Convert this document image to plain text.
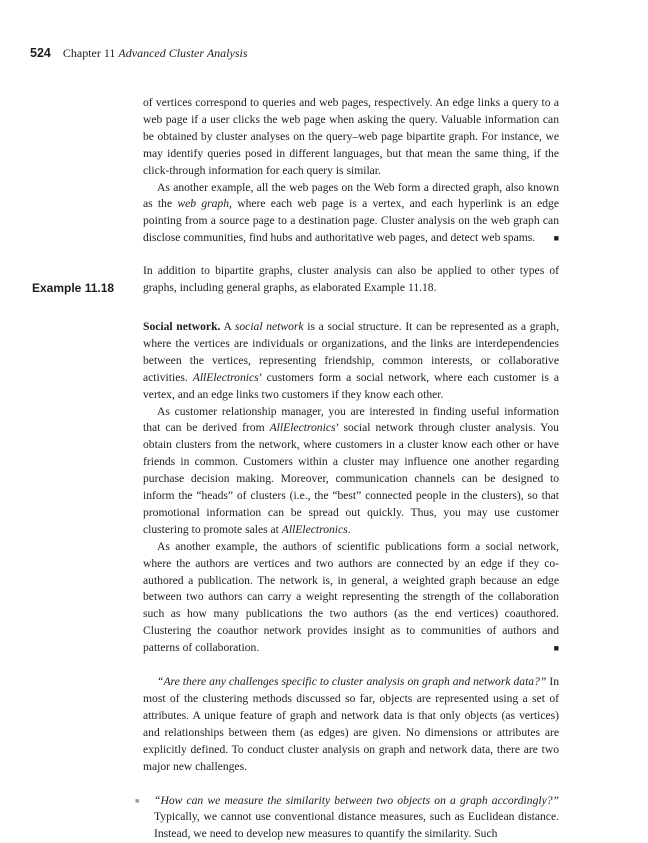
524 Chapter 11 Advanced Cluster Analysis
Example 11.18

of vertices correspond to queries and web pages, respectively. An edge links a query to a web page if a user clicks the web page when asking the query. Valuable information can be obtained by cluster analyses on the query–web page bipartite graph. For instance, we may identify queries posed in different languages, but that mean the same thing, if the click-through information for each query is similar.

As another example, all the web pages on the Web form a directed graph, also known as the web graph, where each web page is a vertex, and each hyperlink is an edge pointing from a source page to a destination page. Cluster analysis on the web graph can disclose communities, find hubs and authoritative web pages, and detect web spams.	■

In addition to bipartite graphs, cluster analysis can also be applied to other types of graphs, including general graphs, as elaborated Example 11.18.

Social network. A social network is a social structure. It can be represented as a graph, where the vertices are individuals or organizations, and the links are interdependencies between the vertices, representing friendship, common interests, or collaborative activities. AllElectronics’ customers form a social network, where each customer is a vertex, and an edge links two customers if they know each other.

As customer relationship manager, you are interested in finding useful information that can be derived from AllElectronics’ social network through cluster analysis. You obtain clusters from the network, where customers in a cluster know each other or have friends in common. Customers within a cluster may influence one another regarding purchase decision making. Moreover, communication channels can be designed to inform the “heads” of clusters (i.e., the “best” connected people in the clusters), so that promotional information can be spread out quickly. Thus, you may use customer clustering to promote sales at AllElectronics.

As another example, the authors of scientific publications form a social network, where the authors are vertices and two authors are connected by an edge if they co-authored a publication. The network is, in general, a weighted graph because an edge between two authors can carry a weight representing the strength of the collaboration such as how many publications the two authors (as the end vertices) coauthored. Clustering the coauthor network provides insight as to communities of authors and patterns of collaboration.	■

“Are there any challenges specific to cluster analysis on graph and network data?” In most of the clustering methods discussed so far, objects are represented using a set of attributes. A unique feature of graph and network data is that only objects (as vertices) and relationships between them (as edges) are given. No dimensions or attributes are explicitly defined. To conduct cluster analysis on graph and network data, there are two major new challenges.

■	“How can we measure the similarity between two objects on a graph accordingly?” Typically, we cannot use conventional distance measures, such as Euclidean distance. Instead, we need to develop new measures to quantify the similarity. Such
